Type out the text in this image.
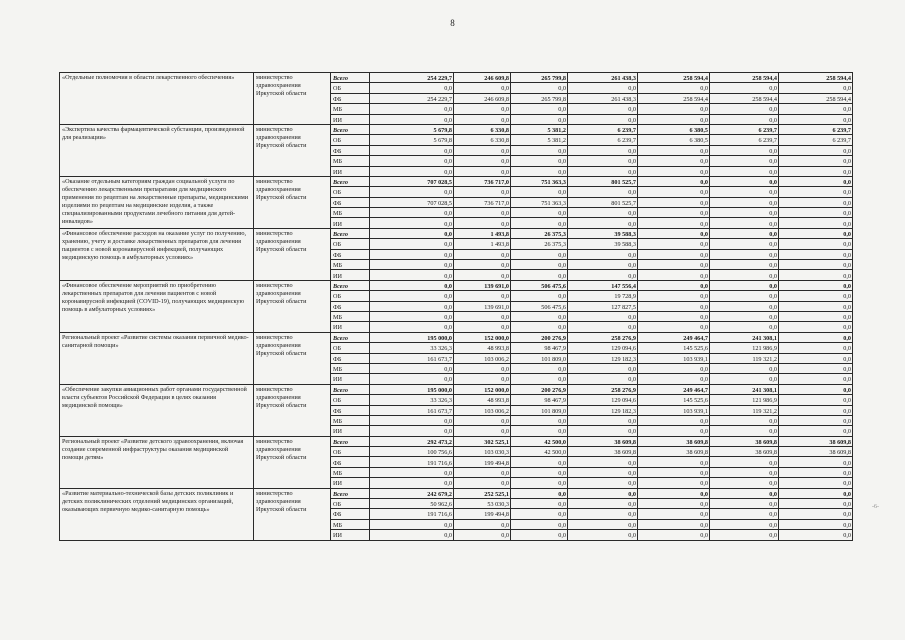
8
«Отдельные полномочия в области лекарственного обеспечения»	министерство здравоохранения Иркутской области	Всего	254 229,7	246 609,8	265 799,8	261 438,3	258 594,4	258 594,4	258 594,4
		ОБ	0,0	0,0	0,0	0,0	0,0	0,0	0,0
		ФБ	254 229,7	246 609,8	265 799,8	261 438,3	258 594,4	258 594,4	258 594,4
		МБ	0,0	0,0	0,0	0,0	0,0	0,0	0,0
		ИИ	0,0	0,0	0,0	0,0	0,0	0,0	0,0
«Экспертиза качества фармацевтической субстанции, произведенной для реализации»	министерство здравоохранения Иркутской области	Всего	5 679,8	6 330,8	5 381,2	6 239,7	6 380,5	6 239,7	6 239,7
		ОБ	5 679,8	6 330,8	5 381,2	6 239,7	6 380,5	6 239,7	6 239,7
		ФБ	0,0	0,0	0,0	0,0	0,0	0,0	0,0
		МБ	0,0	0,0	0,0	0,0	0,0	0,0	0,0
		ИИ	0,0	0,0	0,0	0,0	0,0	0,0	0,0
«Оказание отдельным категориям граждан социальной услуги по обеспечению лекарственными препаратами для медицинского применения по рецептам на лекарственные препараты, медицинскими изделиями по рецептам на медицинские изделия, а также специализированными продуктами лечебного питания для детей-инвалидов»	министерство здравоохранения Иркутской области	Всего	707 028,5	736 717,0	751 363,3	801 525,7	0,0	0,0	0,0
		ОБ	0,0	0,0	0,0	0,0	0,0	0,0	0,0
		ФБ	707 028,5	736 717,0	751 363,3	801 525,7	0,0	0,0	0,0
		МБ	0,0	0,0	0,0	0,0	0,0	0,0	0,0
		ИИ	0,0	0,0	0,0	0,0	0,0	0,0	0,0
«Финансовое обеспечение расходов на оказание услуг по получению, хранению, учету и доставке лекарственных препаратов для лечения пациентов с новой коронавирусной инфекцией, получающих медицинскую помощь в амбулаторных условиях»	министерство здравоохранения Иркутской области	Всего	0,0	1 493,8	26 375,3	39 588,3	0,0	0,0	0,0
		ОБ	0,0	1 493,8	26 375,3	39 588,3	0,0	0,0	0,0
		ФБ	0,0	0,0	0,0	0,0	0,0	0,0	0,0
		МБ	0,0	0,0	0,0	0,0	0,0	0,0	0,0
		ИИ	0,0	0,0	0,0	0,0	0,0	0,0	0,0
«Финансовое обеспечение мероприятий по приобретению лекарственных препаратов для лечения пациентов с новой коронавирусной инфекцией (COVID-19), получающих медицинскую помощь в амбулаторных условиях»	министерство здравоохранения Иркутской области	Всего	0,0	139 691,0	506 475,6	147 556,4	0,0	0,0	0,0
		ОБ	0,0	0,0	0,0	19 728,9	0,0	0,0	0,0
		ФБ	0,0	139 691,0	506 475,6	127 827,5	0,0	0,0	0,0
		МБ	0,0	0,0	0,0	0,0	0,0	0,0	0,0
		ИИ	0,0	0,0	0,0	0,0	0,0	0,0	0,0
Региональный проект «Развитие системы оказания первичной медико-санитарной помощи»	министерство здравоохранения Иркутской области	Всего	195 000,0	152 000,0	200 276,9	258 276,9	249 464,7	241 308,1	0,0
		ОБ	33 326,3	48 993,8	98 467,9	129 094,6	145 525,6	121 986,9	0,0
		ФБ	161 673,7	103 006,2	101 809,0	129 182,3	103 939,1	119 321,2	0,0
		МБ	0,0	0,0	0,0	0,0	0,0	0,0	0,0
		ИИ	0,0	0,0	0,0	0,0	0,0	0,0	0,0
«Обеспечение закупки авиационных работ органами государственной власти субъектов Российской Федерации в целях оказания медицинской помощи»	министерство здравоохранения Иркутской области	Всего	195 000,0	152 000,0	200 276,9	258 276,9	249 464,7	241 308,1	0,0
		ОБ	33 326,3	48 993,8	98 467,9	129 094,6	145 525,6	121 986,9	0,0
		ФБ	161 673,7	103 006,2	101 809,0	129 182,3	103 939,1	119 321,2	0,0
		МБ	0,0	0,0	0,0	0,0	0,0	0,0	0,0
		ИИ	0,0	0,0	0,0	0,0	0,0	0,0	0,0
Региональный проект «Развитие детского здравоохранения, включая создание современной инфраструктуры оказания медицинской помощи детям»	министерство здравоохранения Иркутской области	Всего	292 473,2	302 525,1	42 500,0	38 609,8	38 609,8	38 609,8	38 609,8
		ОБ	100 756,6	103 030,3	42 500,0	38 609,8	38 609,8	38 609,8	38 609,8
		ФБ	191 716,6	199 494,8	0,0	0,0	0,0	0,0	0,0
		МБ	0,0	0,0	0,0	0,0	0,0	0,0	0,0
		ИИ	0,0	0,0	0,0	0,0	0,0	0,0	0,0
«Развитие материально-технической базы детских поликлиник и детских поликлинических отделений медицинских организаций, оказывающих первичную медико-санитарную помощь»	министерство здравоохранения Иркутской области	Всего	242 679,2	252 525,1	0,0	0,0	0,0	0,0	0,0
		ОБ	50 962,6	53 030,3	0,0	0,0	0,0	0,0	0,0
		ФБ	191 716,6	199 494,8	0,0	0,0	0,0	0,0	0,0
		МБ	0,0	0,0	0,0	0,0	0,0	0,0	0,0
		ИИ	0,0	0,0	0,0	0,0	0,0	0,0	0,0
-6-
